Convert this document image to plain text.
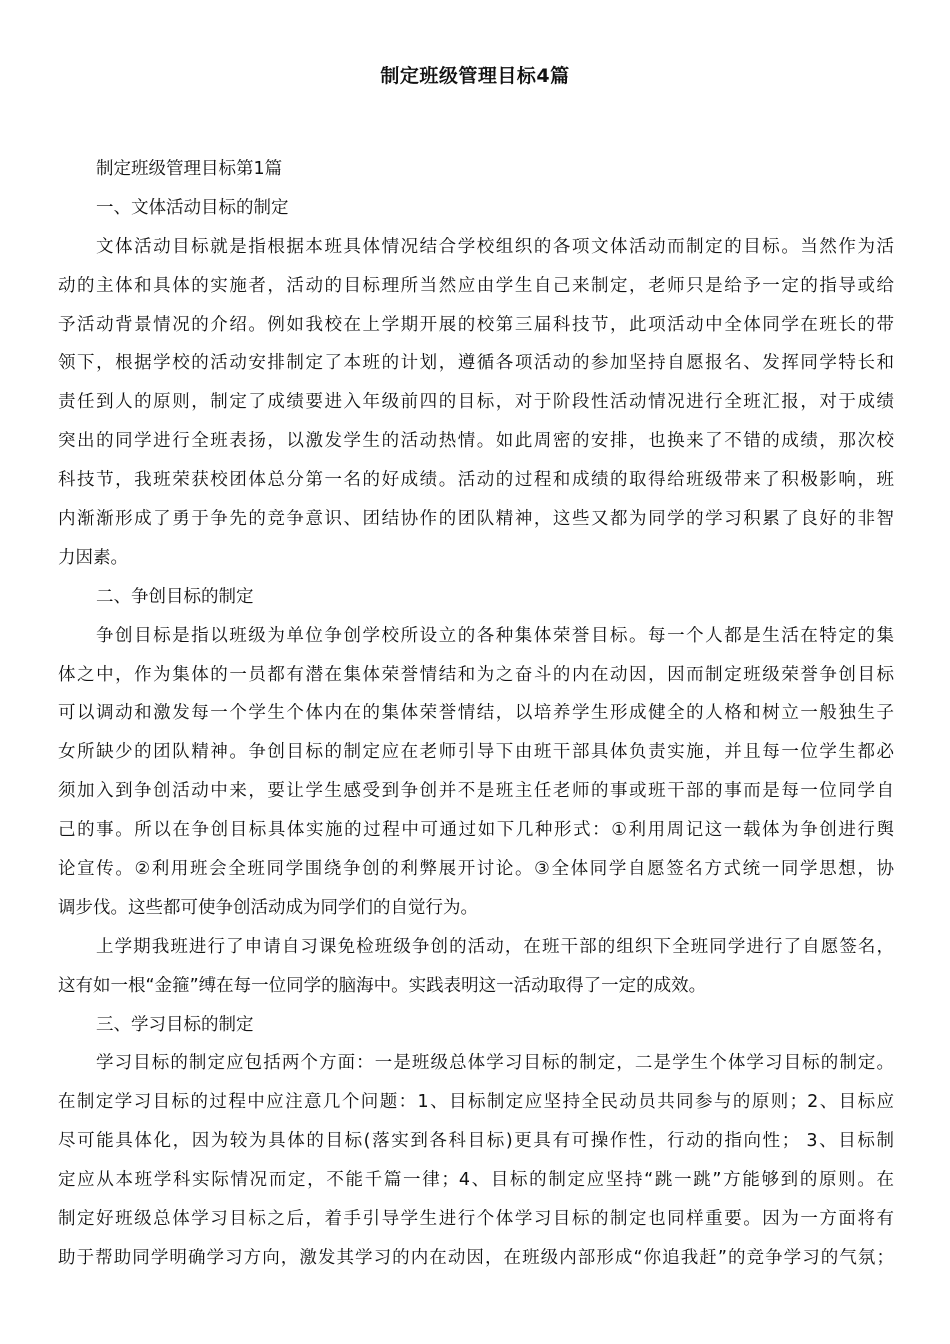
制定班级管理目标4篇
制定班级管理目标第1篇
一、文体活动目标的制定
文体活动目标就是指根据本班具体情况结合学校组织的各项文体活动而制定的目标。当然作为活
动的主体和具体的实施者，活动的目标理所当然应由学生自己来制定，老师只是给予一定的指导或给
予活动背景情况的介绍。例如我校在上学期开展的校第三届科技节，此项活动中全体同学在班长的带
领下，根据学校的活动安排制定了本班的计划，遵循各项活动的参加坚持自愿报名、发挥同学特长和
责任到人的原则，制定了成绩要进入年级前四的目标，对于阶段性活动情况进行全班汇报，对于成绩
突出的同学进行全班表扬，以激发学生的活动热情。如此周密的安排，也换来了不错的成绩，那次校
科技节，我班荣获校团体总分第一名的好成绩。活动的过程和成绩的取得给班级带来了积极影响，班
内渐渐形成了勇于争先的竞争意识、团结协作的团队精神，这些又都为同学的学习积累了良好的非智
力因素。
二、争创目标的制定
争创目标是指以班级为单位争创学校所设立的各种集体荣誉目标。每一个人都是生活在特定的集
体之中，作为集体的一员都有潜在集体荣誉情结和为之奋斗的内在动因，因而制定班级荣誉争创目标
可以调动和激发每一个学生个体内在的集体荣誉情结，以培养学生形成健全的人格和树立一般独生子
女所缺少的团队精神。争创目标的制定应在老师引导下由班干部具体负责实施，并且每一位学生都必
须加入到争创活动中来，要让学生感受到争创并不是班主任老师的事或班干部的事而是每一位同学自
己的事。所以在争创目标具体实施的过程中可通过如下几种形式：①利用周记这一载体为争创进行舆
论宣传。②利用班会全班同学围绕争创的利弊展开讨论。③全体同学自愿签名方式统一同学思想，协
调步伐。这些都可使争创活动成为同学们的自觉行为。
上学期我班进行了申请自习课免检班级争创的活动，在班干部的组织下全班同学进行了自愿签名，
这有如一根“金箍”缚在每一位同学的脑海中。实践表明这一活动取得了一定的成效。
三、学习目标的制定
学习目标的制定应包括两个方面：一是班级总体学习目标的制定，二是学生个体学习目标的制定。
在制定学习目标的过程中应注意几个问题：1、目标制定应坚持全民动员共同参与的原则；2、目标应
尽可能具体化，因为较为具体的目标(落实到各科目标)更具有可操作性，行动的指向性； 3、目标制
定应从本班学科实际情况而定，不能千篇一律；4、目标的制定应坚持“跳一跳”方能够到的原则。在
制定好班级总体学习目标之后，着手引导学生进行个体学习目标的制定也同样重要。因为一方面将有
助于帮助同学明确学习方向，激发其学习的内在动因，在班级内部形成“你追我赶”的竞争学习的气氛；
